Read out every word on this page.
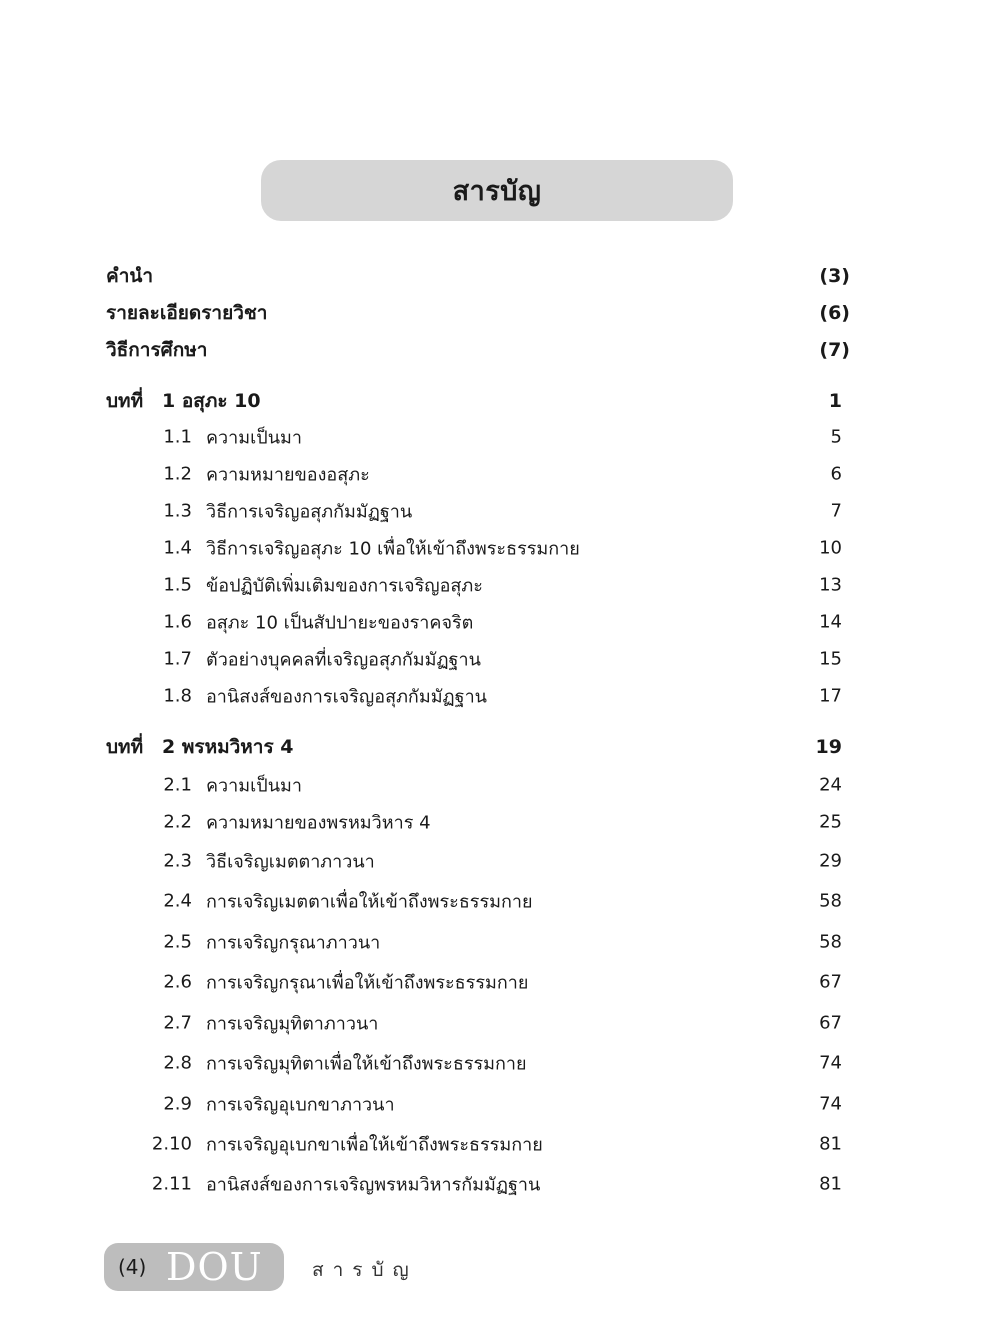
สารบัญ
คำนำ	(3)
รายละเอียดรายวิชา	(6)
วิธีการศึกษา	(7)
บทที่ 1 อสุภะ 10	1
1.1 ความเป็นมา	5
1.2 ความหมายของอสุภะ	6
1.3 วิธีการเจริญอสุภกัมมัฏฐาน	7
1.4 วิธีการเจริญอสุภะ 10 เพื่อให้เข้าถึงพระธรรมกาย	10
1.5 ข้อปฏิบัติเพิ่มเติมของการเจริญอสุภะ	13
1.6 อสุภะ 10 เป็นสัปปายะของราคจริต	14
1.7 ตัวอย่างบุคคลที่เจริญอสุภกัมมัฏฐาน	15
1.8 อานิสงส์ของการเจริญอสุภกัมมัฏฐาน	17
บทที่ 2 พรหมวิหาร 4	19
2.1 ความเป็นมา	24
2.2 ความหมายของพรหมวิหาร 4	25
2.3 วิธีเจริญเมตตาภาวนา	29
2.4 การเจริญเมตตาเพื่อให้เข้าถึงพระธรรมกาย	58
2.5 การเจริญกรุณาภาวนา	58
2.6 การเจริญกรุณาเพื่อให้เข้าถึงพระธรรมกาย	67
2.7 การเจริญมุทิตาภาวนา	67
2.8 การเจริญมุทิตาเพื่อให้เข้าถึงพระธรรมกาย	74
2.9 การเจริญอุเบกขาภาวนา	74
2.10 การเจริญอุเบกขาเพื่อให้เข้าถึงพระธรรมกาย	81
2.11 อานิสงส์ของการเจริญพรหมวิหารกัมมัฏฐาน	81
(4) DOU	สารบัญ
